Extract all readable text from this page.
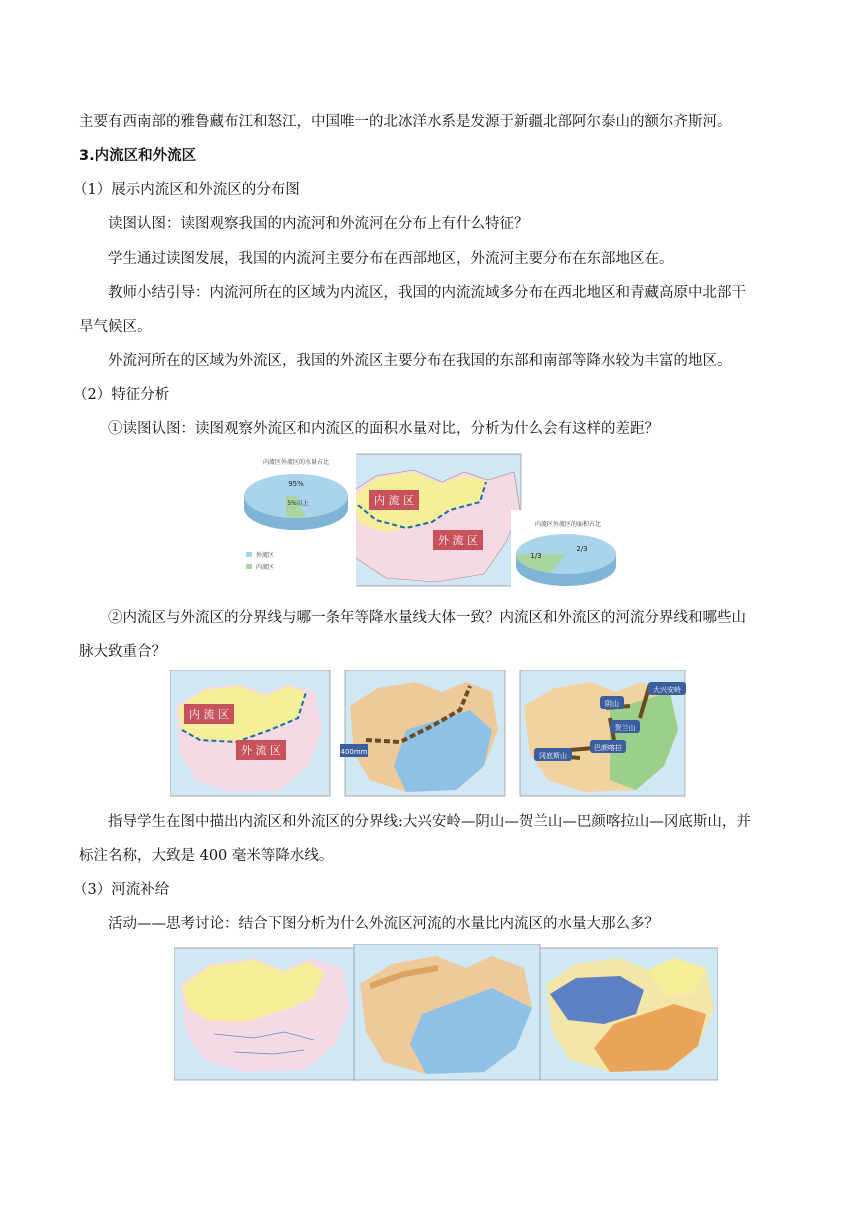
主要有西南部的雅鲁藏布江和怒江，中国唯一的北冰洋水系是发源于新疆北部阿尔泰山的额尔齐斯河。
3.内流区和外流区
（1）展示内流区和外流区的分布图
读图认图：读图观察我国的内流河和外流河在分布上有什么特征？
学生通过读图发展，我国的内流河主要分布在西部地区，外流河主要分布在东部地区在。
教师小结引导：内流河所在的区域为内流区，我国的内流流域多分布在西北地区和青藏高原中北部干
旱气候区。
外流河所在的区域为外流区，我国的外流区主要分布在我国的东部和南部等降水较为丰富的地区。
（2）特征分析
①读图认图：读图观察外流区和内流区的面积水量对比，分析为什么会有这样的差距？
内 流 区
外 流 区
内流区外流区的水量占比
95%
5%以上
外流区
内流区
内流区外流区的面积占比
1/3
2/3
②内流区与外流区的分界线与哪一条年等降水量线大体一致？内流区和外流区的河流分界线和哪些山
脉大致重合？
内 流 区
外 流 区	400mm
大兴安岭
阴山
贺兰山
巴颜喀拉
冈底斯山
指导学生在图中描出内流区和外流区的分界线:大兴安岭—阴山—贺兰山—巴颜喀拉山—冈底斯山，并
标注名称，大致是 400 毫米等降水线。
（3）河流补给
活动——思考讨论：结合下图分析为什么外流区河流的水量比内流区的水量大那么多？
